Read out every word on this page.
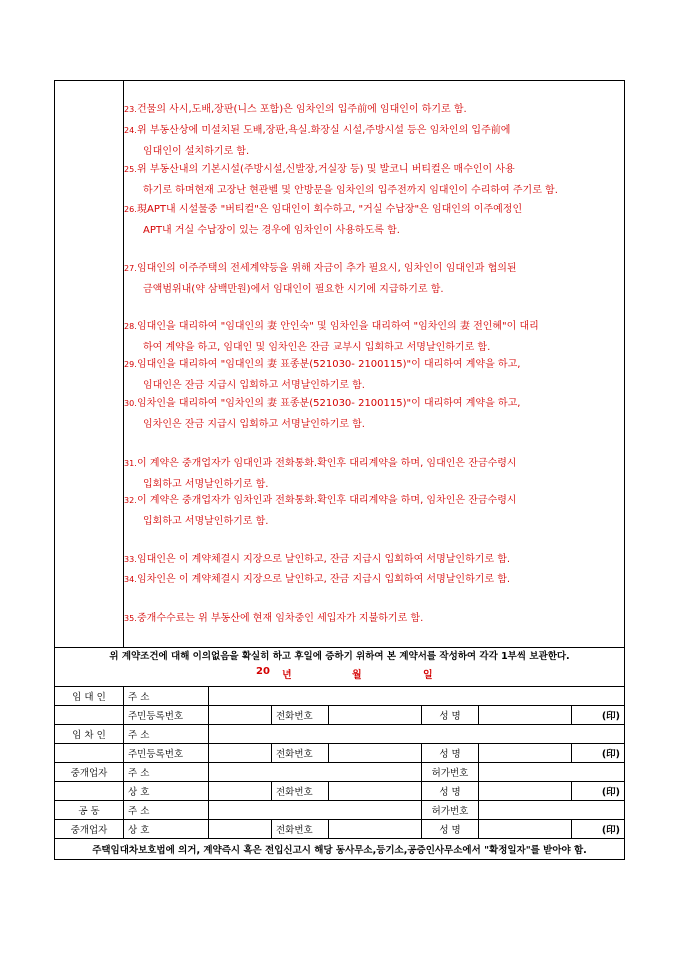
23.건물의 사시,도배,장판(니스 포함)은 임차인의 입주前에 임대인이 하기로 함.
24.위 부동산상에 미설치된 도배,장판,욕실.화장실 시설,주방시설 등은 임차인의 입주前에
임대인이 설치하기로 함.
25.위 부동산내의 기본시설(주방시설,신발장,거실장 등) 및 발코니 버티컬은 매수인이 사용
하기로 하며현재 고장난 현관벨 및 안방문을 임차인의 입주전까지 임대인이 수리하여 주기로 함.
26.現APT내 시설물중 "버티컬"은 임대인이 회수하고, "거실 수납장"은 임대인의 이주예정인
APT내 거실 수납장이 있는 경우에 임차인이 사용하도록 함.
27.임대인의 이주주택의 전세계약등을 위해 자금이 추가 필요시, 임차인이 임대인과 협의된
금액범위내(약 삼백만원)에서 임대인이 필요한 시기에 지급하기로 함.
28.임대인을 대리하여 "임대인의 妻 안인숙" 및 임차인을 대리하여 "임차인의 妻 전인혜"이 대리
하여 계약을 하고, 임대인 및 임차인은 잔금 교부시 입회하고 서명날인하기로 함.
29.임대인을 대리하여 "임대인의 妻 표종분(521030- 2100115)"이 대리하여 계약을 하고,
임대인은 잔금 지급시 입회하고 서명날인하기로 함.
30.임차인을 대리하여 "임차인의 妻 표종분(521030- 2100115)"이 대리하여 계약을 하고,
임차인은 잔금 지급시 입회하고 서명날인하기로 함.
31.이 계약은 중개업자가 임대인과 전화통화.확인후 대리계약을 하며, 임대인은 잔금수령시
입회하고 서명날인하기로 함.
32.이 계약은 중개업자가 임차인과 전화통화.확인후 대리계약을 하며, 임차인은 잔금수령시
입회하고 서명날인하기로 함.
33.임대인은 이 계약체결시 지장으로 날인하고, 잔금 지급시 입회하여 서명날인하기로 함.
34.임차인은 이 계약체결시 지장으로 날인하고, 잔금 지급시 입회하여 서명날인하기로 함.
35.중개수수료는 위 부동산에 현재 임차중인 세입자가 지불하기로 함.
위 계약조건에 대해 이의없음을 확실히 하고 후일에 증하기 위하여 본 계약서를 작성하여 각각 1부씩 보관한다.
20 년	월	일
임 대 인	주 소						
	주민등록번호		전화번호		성 명		(印)
임 차 인	주 소						
	주민등록번호		전화번호		성 명		(印)
중개업자	주 소				허가번호		
	상 호		전화번호		성 명		(印)
공 동	주 소				허가번호		
중개업자	상 호		전화번호		성 명		(印)
주택임대차보호법에 의거, 계약즉시 혹은 전입신고시 해당 동사무소,등기소,공증인사무소에서 "확정일자"를 받아야 함.
